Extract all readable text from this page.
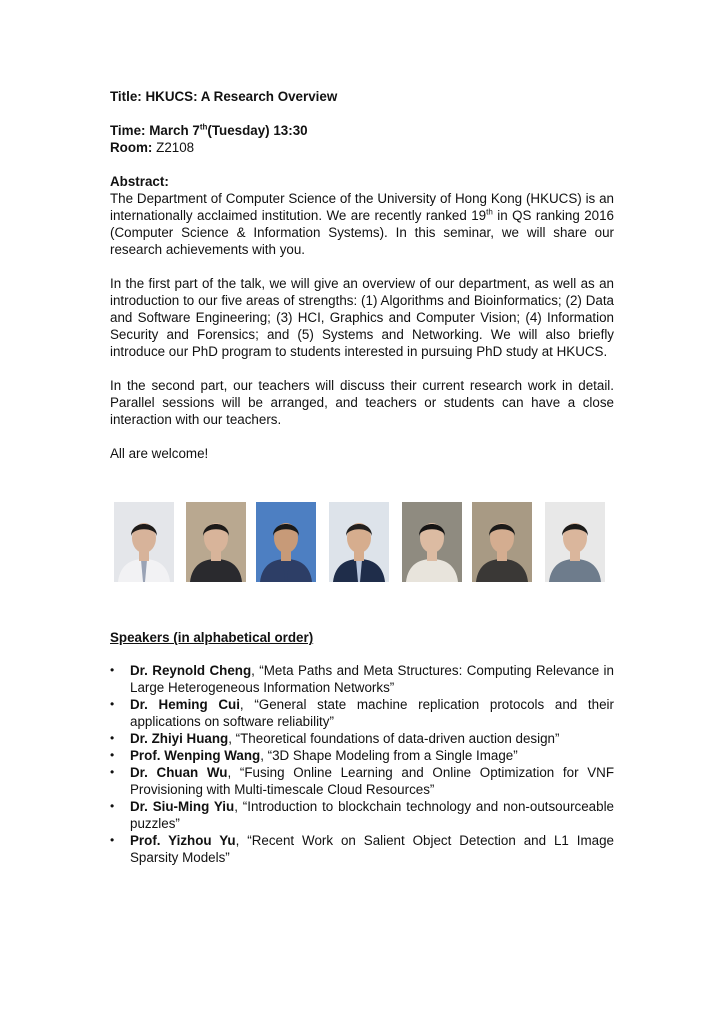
Title: HKUCS: A Research Overview

Time: March 7th(Tuesday) 13:30

Room: Z2108

Abstract:

The Department of Computer Science of the University of Hong Kong (HKUCS) is an internationally acclaimed institution. We are recently ranked 19th in QS ranking 2016 (Computer Science & Information Systems). In this seminar, we will share our research achievements with you.

In the first part of the talk, we will give an overview of our department, as well as an introduction to our five areas of strengths: (1) Algorithms and Bioinformatics; (2) Data and Software Engineering; (3) HCI, Graphics and Computer Vision; (4) Information Security and Forensics; and (5) Systems and Networking. We will also briefly introduce our PhD program to students interested in pursuing PhD study at HKUCS.

In the second part, our teachers will discuss their current research work in detail. Parallel sessions will be arranged, and teachers or students can have a close interaction with our teachers.

All are welcome!

Speakers (in alphabetical order)
• Dr. Reynold Cheng, “Meta Paths and Meta Structures: Computing Relevance in Large Heterogeneous Information Networks”
• Dr. Heming Cui, “General state machine replication protocols and their applications on software reliability”
• Dr. Zhiyi Huang, “Theoretical foundations of data-driven auction design”
• Prof. Wenping Wang, “3D Shape Modeling from a Single Image”
• Dr. Chuan Wu, “Fusing Online Learning and Online Optimization for VNF Provisioning with Multi-timescale Cloud Resources”
• Dr. Siu-Ming Yiu, “Introduction to blockchain technology and non-outsourceable puzzles”
• Prof. Yizhou Yu, “Recent Work on Salient Object Detection and L1 Image Sparsity Models”
